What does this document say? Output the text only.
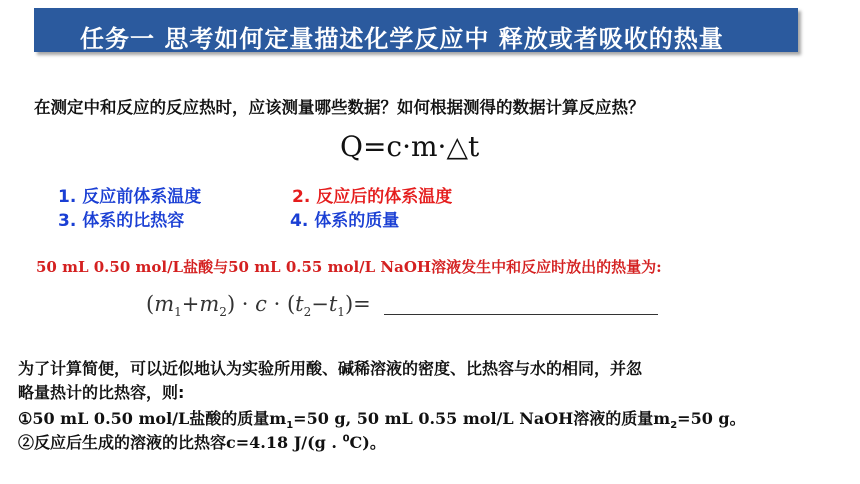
任务一 思考如何定量描述化学反应中 释放或者吸收的热量
在测定中和反应的反应热时，应该测量哪些数据？如何根据测得的数据计算反应热？
Q=c·m·△t
1. 反应前体系温度	2. 反应后的体系温度
3. 体系的比热容	4. 体系的质量
50 mL 0.50 mol/L盐酸与50 mL 0.55 mol/L NaOH溶液发生中和反应时放出的热量为:
$(m_1+m_2) \cdot c \cdot (t_2-t_1)=$
为了计算简便，可以近似地认为实验所用酸、碱稀溶液的密度、比热容与水的相同，并忽
略量热计的比热容，则:
①50 mL 0.50 mol/L盐酸的质量$m_1=50$ g, 50 mL 0.55 mol/L NaOH溶液的质量$m_2=50$ g。
②反应后生成的溶液的比热容c=4.18 J/(g . $^0$C)。
